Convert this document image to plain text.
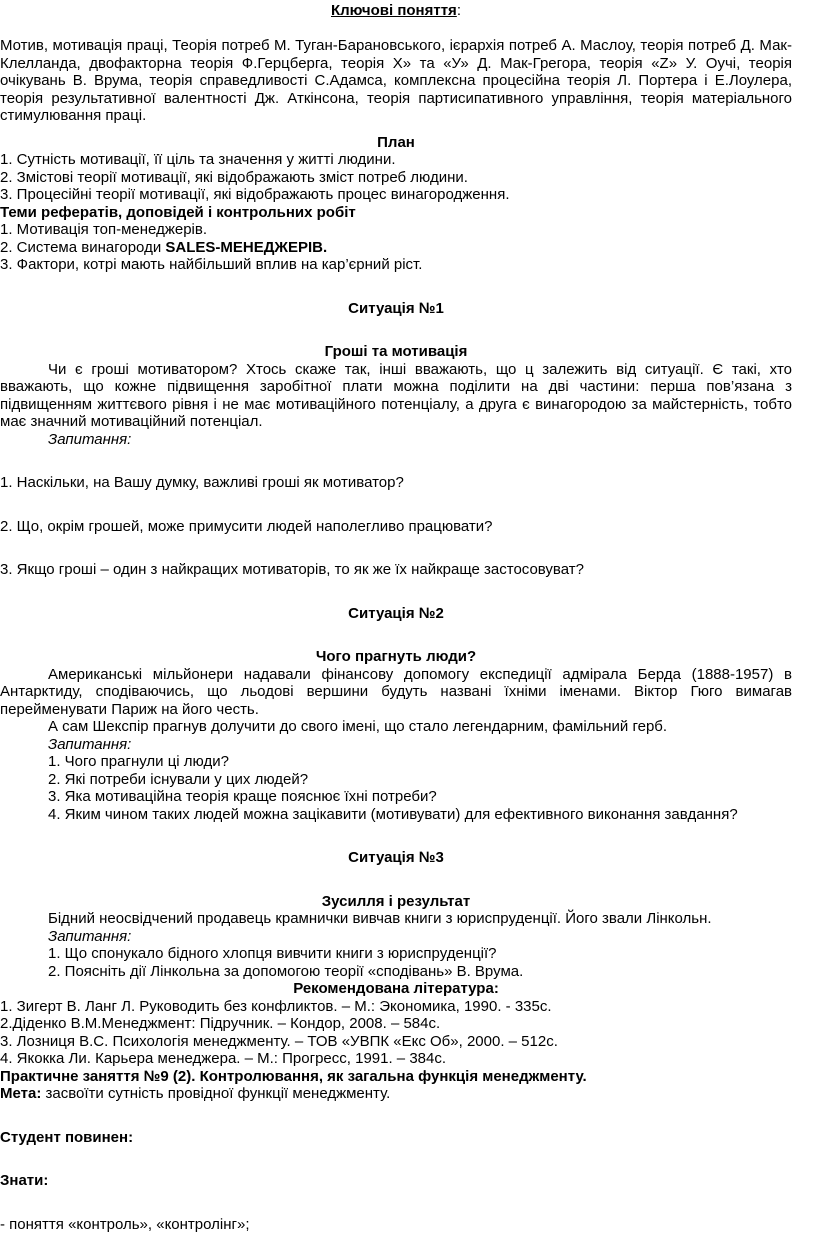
Ключові поняття:

Мотив, мотивація праці, Теорія потреб М. Туган-Барановського, ієрархія потреб А. Маслоу, теорія потреб Д. Мак-Клелланда, двофакторна теорія Ф.Герцберга, теорія Х» та «У» Д. Мак-Грегора, теорія «Z» У. Оучі, теорія очікувань В. Врума, теорія справедливості С.Адамса, комплексна процесійна теорія Л. Портера і Е.Лоулера, теорія результативної валентності Дж. Аткінсона, теорія партисипативного управління, теорія матеріального стимулювання праці.

План

1. Сутність мотивації, її ціль та значення у житті людини.

2. Змістові теорії мотивації, які відображають зміст потреб людини.

3. Процесійні теорії мотивації, які відображають процес винагородження.

Теми рефератів, доповідей і контрольних робіт

1. Мотивація топ-менеджерів.

2. Система винагороди SALES-МЕНЕДЖЕРІВ.

3. Фактори, котрі мають найбільший вплив на кар’єрний ріст.

Ситуація №1

Гроші та мотивація

Чи є гроші мотиватором? Хтось скаже так, інші вважають, що ц залежить від ситуації. Є такі, хто вважають, що кожне підвищення заробітної плати можна поділити на дві частини: перша пов’язана з підвищенням життєвого рівня і не має мотиваційного потенціалу, а друга є винагородою за майстерність, тобто має значний мотиваційний потенціал.

Запитання:

1. Наскільки, на Вашу думку, важливі гроші як мотиватор?

2. Що, окрім грошей, може примусити людей наполегливо працювати?

3. Якщо гроші – один з найкращих мотиваторів, то як же їх найкраще застосовуват?

Ситуація №2

Чого прагнуть люди?

Американські мільйонери надавали фінансову допомогу експедиції адмірала Берда (1888-1957) в Антарктиду, сподіваючись, що льодові вершини будуть названі їхніми іменами. Віктор Гюго вимагав перейменувати Париж на його честь.

А сам Шекспір прагнув долучити до свого імені, що стало легендарним, фамільний герб.

Запитання:

1. Чого прагнули ці люди?

2. Які потреби існували у цих людей?

3. Яка мотиваційна теорія краще пояснює їхні потреби?

4. Яким чином таких людей можна зацікавити (мотивувати) для ефективного виконання завдання?

Ситуація №3

Зусилля і результат

Бідний неосвідчений продавець крамнички вивчав книги з юриспруденції. Його звали Лінкольн.

Запитання:

1. Що спонукало бідного хлопця вивчити книги з юриспруденції?

2. Поясніть дії Лінкольна за допомогою теорії «сподівань» В. Врума.

Рекомендована література:

1. Зигерт В. Ланг Л. Руководить без конфликтов. – М.: Экономика, 1990. - 335с.

2.Діденко В.М.Менеджмент: Підручник. – Кондор, 2008. – 584с.

3. Лозниця В.С. Психологія менеджменту. – ТОВ «УВПК «Екс Об», 2000. – 512с.

4. Якокка Ли. Карьера менеджера. – М.: Прогресс, 1991. – 384с.

Практичне заняття №9 (2). Контролювання, як загальна функція менеджменту.

Мета: засвоїти сутність провідної функції менеджменту.

Студент повинен:

Знати:

- поняття «контроль», «контролінг»;
